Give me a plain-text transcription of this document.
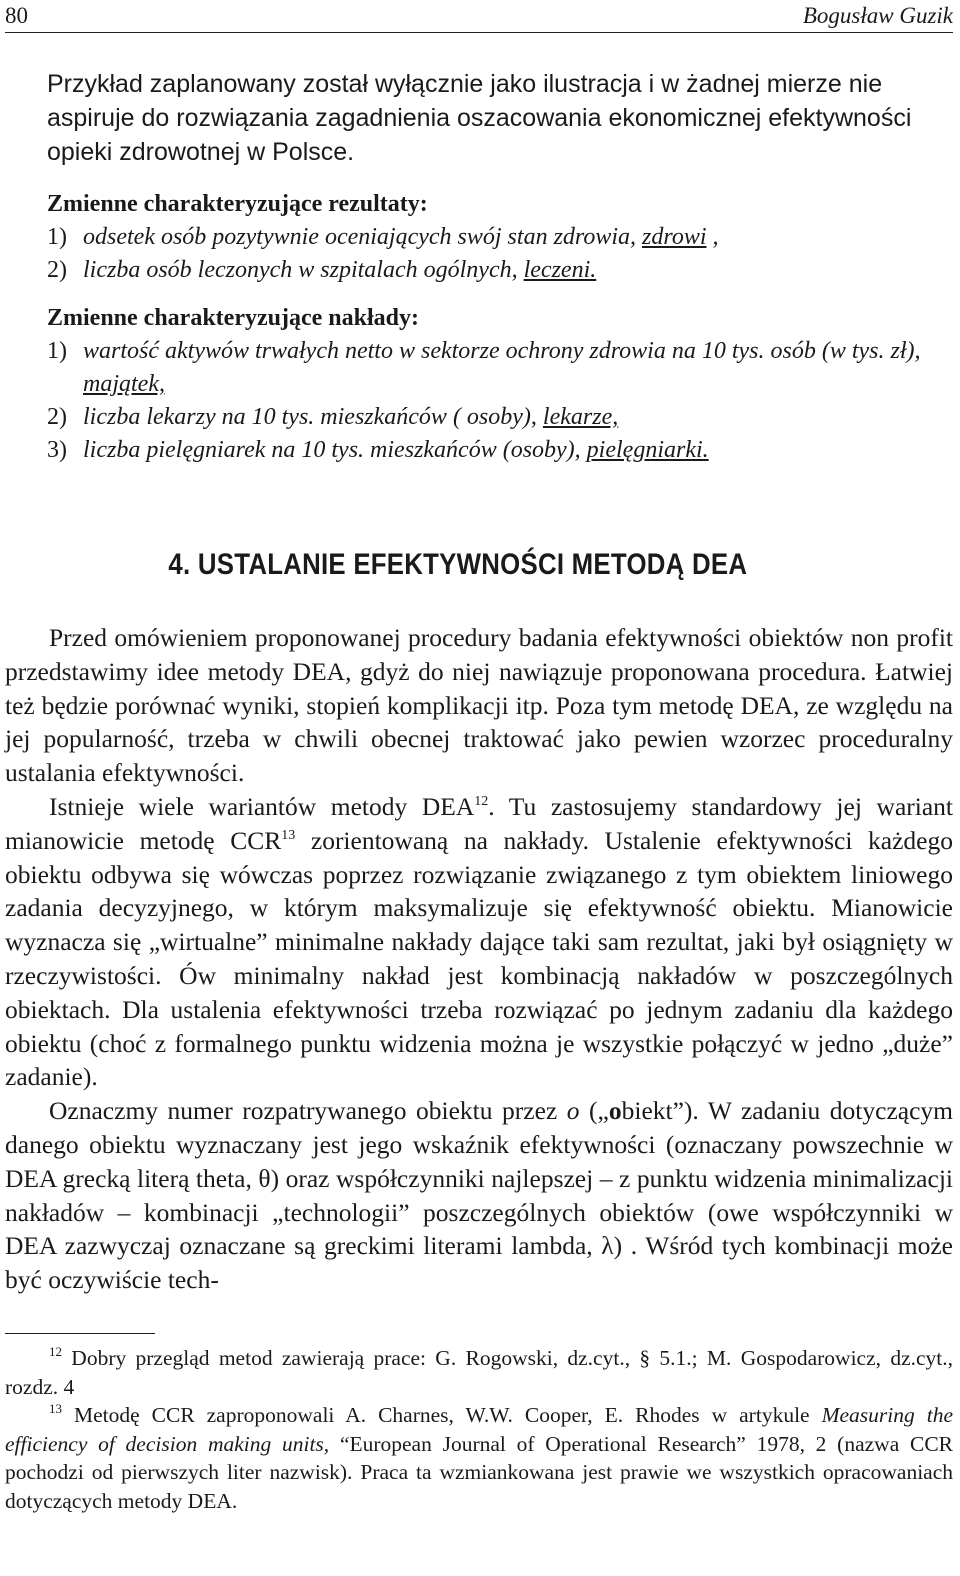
80	Bogusław Guzik
Przykład zaplanowany został wyłącznie jako ilustracja i w żadnej mierze nie aspiruje do rozwiązania zagadnienia oszacowania ekonomicznej efektywności opieki zdrowotnej w Polsce.
Zmienne charakteryzujące rezultaty:
1) odsetek osób pozytywnie oceniających swój stan zdrowia, zdrowi ,
2) liczba osób leczonych w szpitalach ogólnych, leczeni.
Zmienne charakteryzujące nakłady:
1) wartość aktywów trwałych netto w sektorze ochrony zdrowia na 10 tys. osób (w tys. zł), majątek,
2) liczba lekarzy na 10 tys. mieszkańców ( osoby), lekarze,
3) liczba pielęgniarek na 10 tys. mieszkańców (osoby), pielęgniarki.
4. USTALANIE EFEKTYWNOŚCI METODĄ DEA

Przed omówieniem proponowanej procedury badania efektywności obiektów non profit przedstawimy idee metody DEA, gdyż do niej nawiązuje proponowana procedura. Łatwiej też będzie porównać wyniki, stopień komplikacji itp. Poza tym metodę DEA, ze względu na jej popularność, trzeba w chwili obecnej traktować jako pewien wzorzec proceduralny ustalania efektywności.

Istnieje wiele wariantów metody DEA$^{12}$. Tu zastosujemy standardowy jej wariant mianowicie metodę CCR$^{13}$ zorientowaną na nakłady. Ustalenie efektywności każdego obiektu odbywa się wówczas poprzez rozwiązanie związanego z tym obiektem liniowego zadania decyzyjnego, w którym maksymalizuje się efektywność obiektu. Mianowicie wyznacza się „wirtualne” minimalne nakłady dające taki sam rezultat, jaki był osiągnięty w rzeczywistości. Ów minimalny nakład jest kombinacją nakładów w poszczególnych obiektach. Dla ustalenia efektywności trzeba rozwiązać po jednym zadaniu dla każdego obiektu (choć z formalnego punktu widzenia można je wszystkie połączyć w jedno „duże” zadanie).

Oznaczmy numer rozpatrywanego obiektu przez o („obiekt”). W zadaniu dotyczącym danego obiektu wyznaczany jest jego wskaźnik efektywności (oznaczany powszechnie w DEA grecką literą theta, θ) oraz współczynniki najlepszej – z punktu widzenia minimalizacji nakładów – kombinacji „technologii” poszczególnych obiektów (owe współczynniki w DEA zazwyczaj oznaczane są greckimi literami lambda, λ) . Wśród tych kombinacji może być oczywiście tech-

$^{12}$ Dobry przegląd metod zawierają prace: G. Rogowski, dz.cyt., § 5.1.; M. Gospodarowicz, dz.cyt., rozdz. 4

$^{13}$ Metodę CCR zaproponowali A. Charnes, W.W. Cooper, E. Rhodes w artykule Measuring the efficiency of decision making units, “European Journal of Operational Research” 1978, 2 (nazwa CCR pochodzi od pierwszych liter nazwisk). Praca ta wzmiankowana jest prawie we wszystkich opracowaniach dotyczących metody DEA.
